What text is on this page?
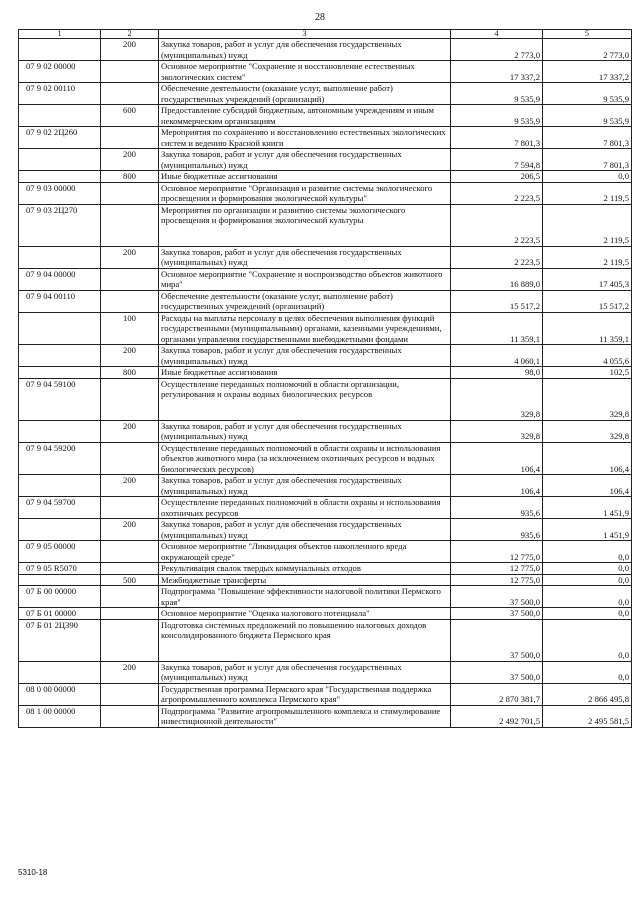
28
1	2	3	4	5
	200	Закупка товаров, работ и услуг для обеспечения государственных (муниципальных) нужд	2 773,0	2 773,0
07 9 02 00000		Основное мероприятие "Сохранение и восстановление естественных экологических систем"	17 337,2	17 337,2
07 9 02 00110		Обеспечение деятельности (оказание услуг, выполнение работ) государственных учреждений (организаций)	9 535,9	9 535,9
	600	Предоставление субсидий бюджетным, автономным учреждениям и иным некоммерческим организациям	9 535,9	9 535,9
07 9 02 2Ц260		Мероприятия по сохранению и восстановлению естественных экологических систем и ведению Красной книги	7 801,3	7 801,3
	200	Закупка товаров, работ и услуг для обеспечения государственных (муниципальных) нужд	7 594,8	7 801,3
	800	Иные бюджетные ассигнования	206,5	0,0
07 9 03 00000		Основное мероприятие "Организация и развитие системы экологического просвещения и формирования экологической культуры"	2 223,5	2 119,5
07 9 03 2Ц270		Мероприятия по организации и развитию системы экологического просвещения и формирования экологической культуры	2 223,5	2 119,5
	200	Закупка товаров, работ и услуг для обеспечения государственных (муниципальных) нужд	2 223,5	2 119,5
07 9 04 00000		Основное мероприятие "Сохранение и воспроизводство объектов животного мира"	16 889,0	17 405,3
07 9 04 00110		Обеспечение деятельности (оказание услуг, выполнение работ) государственных учреждений (организаций)	15 517,2	15 517,2
	100	Расходы на выплаты персоналу в целях обеспечения выполнения функций государственными (муниципальными) органами, казенными учреждениями, органами управления государственными внебюджетными фондами	11 359,1	11 359,1
	200	Закупка товаров, работ и услуг для обеспечения государственных (муниципальных) нужд	4 060,1	4 055,6
	800	Иные бюджетные ассигнования	98,0	102,5
07 9 04 59100		Осуществление переданных полномочий в области организации, регулирования и охраны водных биологических ресурсов	329,8	329,8
	200	Закупка товаров, работ и услуг для обеспечения государственных (муниципальных) нужд	329,8	329,8
07 9 04 59200		Осуществление переданных полномочий в области охраны и использования объектов животного мира (за исключением охотничьих ресурсов и водных биологических ресурсов)	106,4	106,4
	200	Закупка товаров, работ и услуг для обеспечения государственных (муниципальных) нужд	106,4	106,4
07 9 04 59700		Осуществление переданных полномочий в области охраны и использования охотничьих ресурсов	935,6	1 451,9
	200	Закупка товаров, работ и услуг для обеспечения государственных (муниципальных) нужд	935,6	1 451,9
07 9 05 00000		Основное мероприятие "Ликвидация объектов накопленного вреда окружающей среде"	12 775,0	0,0
07 9 05 R5070		Рекультивация свалок твердых коммунальных отходов	12 775,0	0,0
	500	Межбюджетные трансферты	12 775,0	0,0
07 Б 00 00000		Подпрограмма "Повышение эффективности налоговой политики Пермского края"	37 500,0	0,0
07 Б 01 00000		Основное мероприятие "Оценка налогового потенциала"	37 500,0	0,0
07 Б 01 2Ц390		Подготовка системных предложений по повышению налоговых доходов консолидированного бюджета Пермского края	37 500,0	0,0
	200	Закупка товаров, работ и услуг для обеспечения государственных (муниципальных) нужд	37 500,0	0,0
08 0 00 00000		Государственная программа Пермского края "Государственная поддержка агропромышленного комплекса Пермского края"	2 870 381,7	2 866 495,8
08 1 00 00000		Подпрограмма "Развитие агропромышленного комплекса и стимулирование инвестиционной деятельности"	2 492 701,5	2 495 581,5
5310-18
